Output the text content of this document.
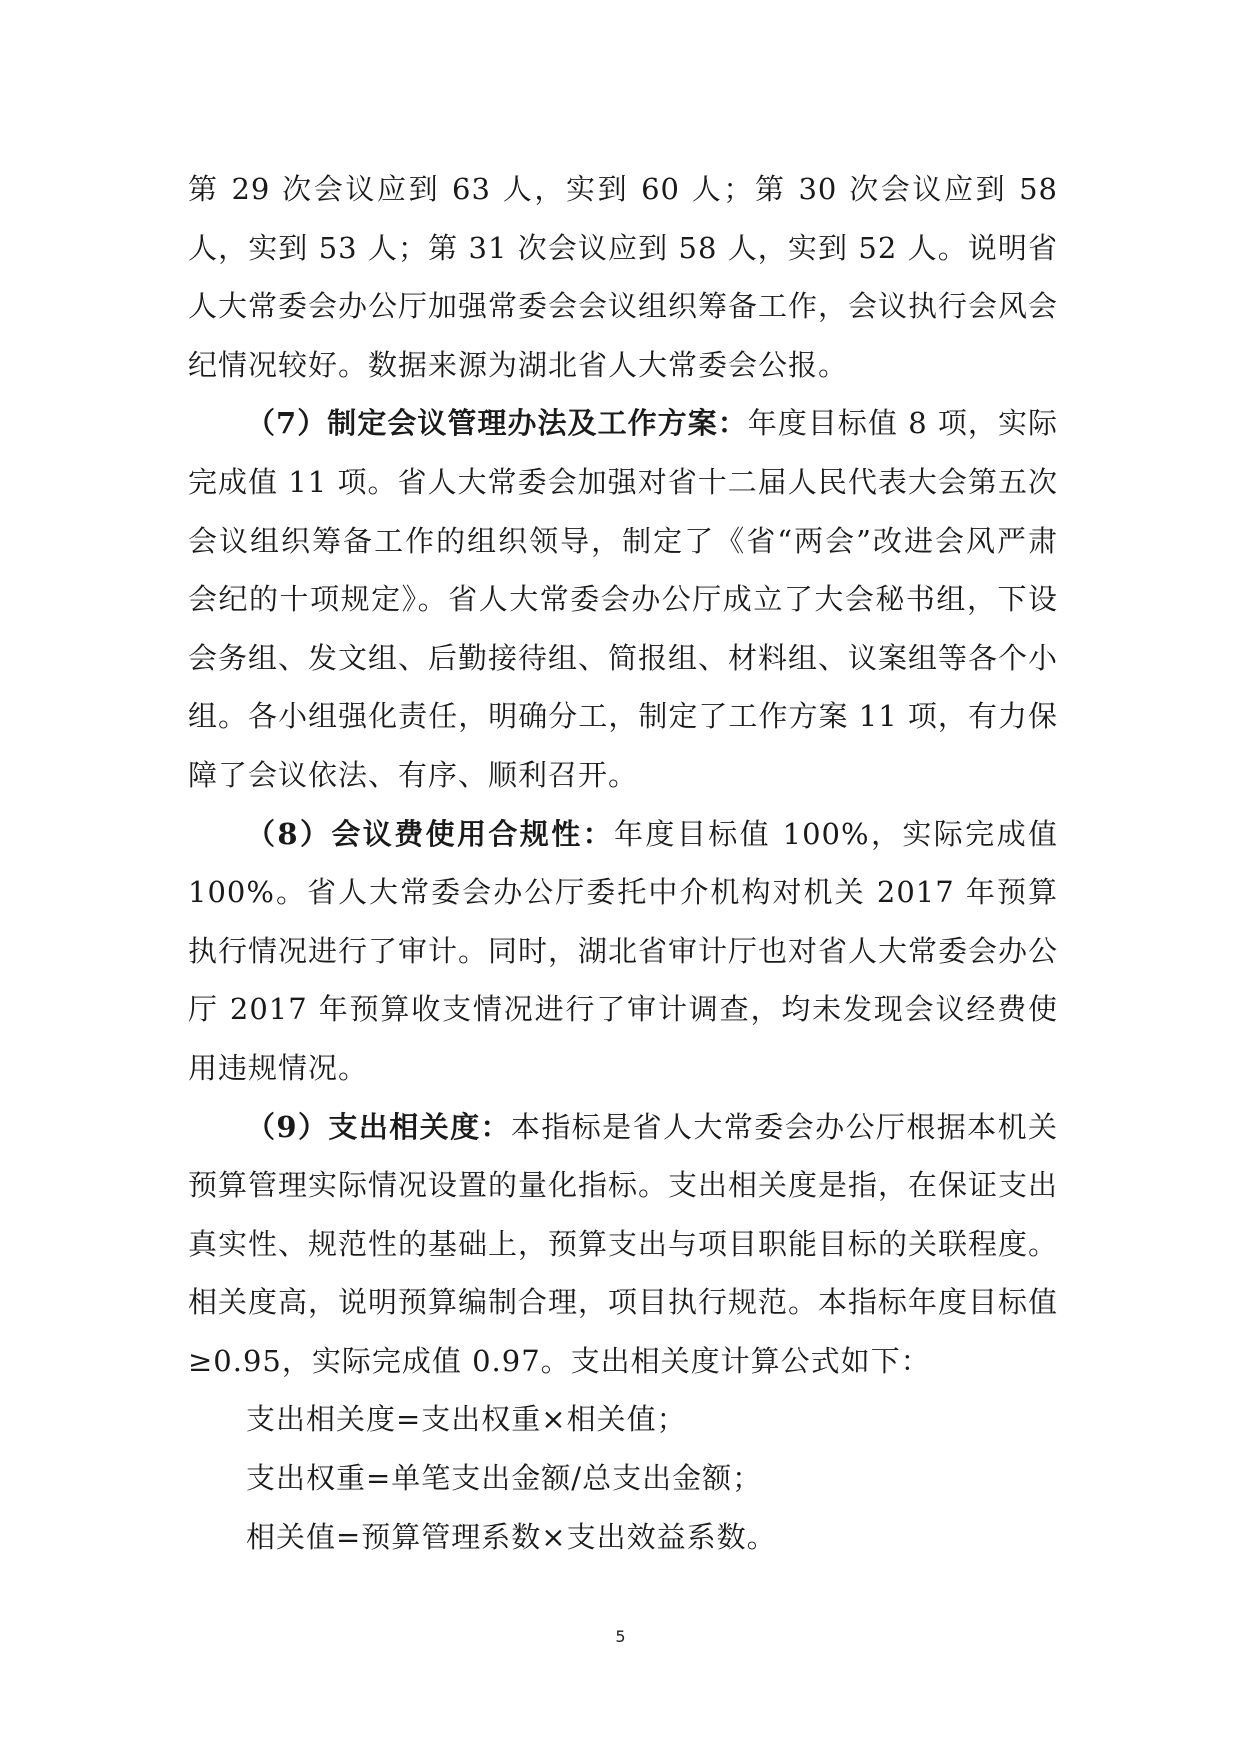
第 29 次会议应到 63 人，实到 60 人；第 30 次会议应到 58 人，实到 53 人；第 31 次会议应到 58 人，实到 52 人。说明省人大常委会办公厅加强常委会会议组织筹备工作，会议执行会风会纪情况较好。数据来源为湖北省人大常委会公报。

（7）制定会议管理办法及工作方案：年度目标值 8 项，实际完成值 11 项。省人大常委会加强对省十二届人民代表大会第五次会议组织筹备工作的组织领导，制定了《省“两会”改进会风严肃会纪的十项规定》。省人大常委会办公厅成立了大会秘书组，下设会务组、发文组、后勤接待组、简报组、材料组、议案组等各个小组。各小组强化责任，明确分工，制定了工作方案 11 项，有力保障了会议依法、有序、顺利召开。

（8）会议费使用合规性：年度目标值 100%，实际完成值 100%。省人大常委会办公厅委托中介机构对机关 2017 年预算执行情况进行了审计。同时，湖北省审计厅也对省人大常委会办公厅 2017 年预算收支情况进行了审计调查，均未发现会议经费使用违规情况。

（9）支出相关度：本指标是省人大常委会办公厅根据本机关预算管理实际情况设置的量化指标。支出相关度是指，在保证支出真实性、规范性的基础上，预算支出与项目职能目标的关联程度。相关度高，说明预算编制合理，项目执行规范。本指标年度目标值≥0.95，实际完成值 0.97。支出相关度计算公式如下：

支出相关度=支出权重×相关值；

支出权重=单笔支出金额/总支出金额；

相关值=预算管理系数×支出效益系数。

5
